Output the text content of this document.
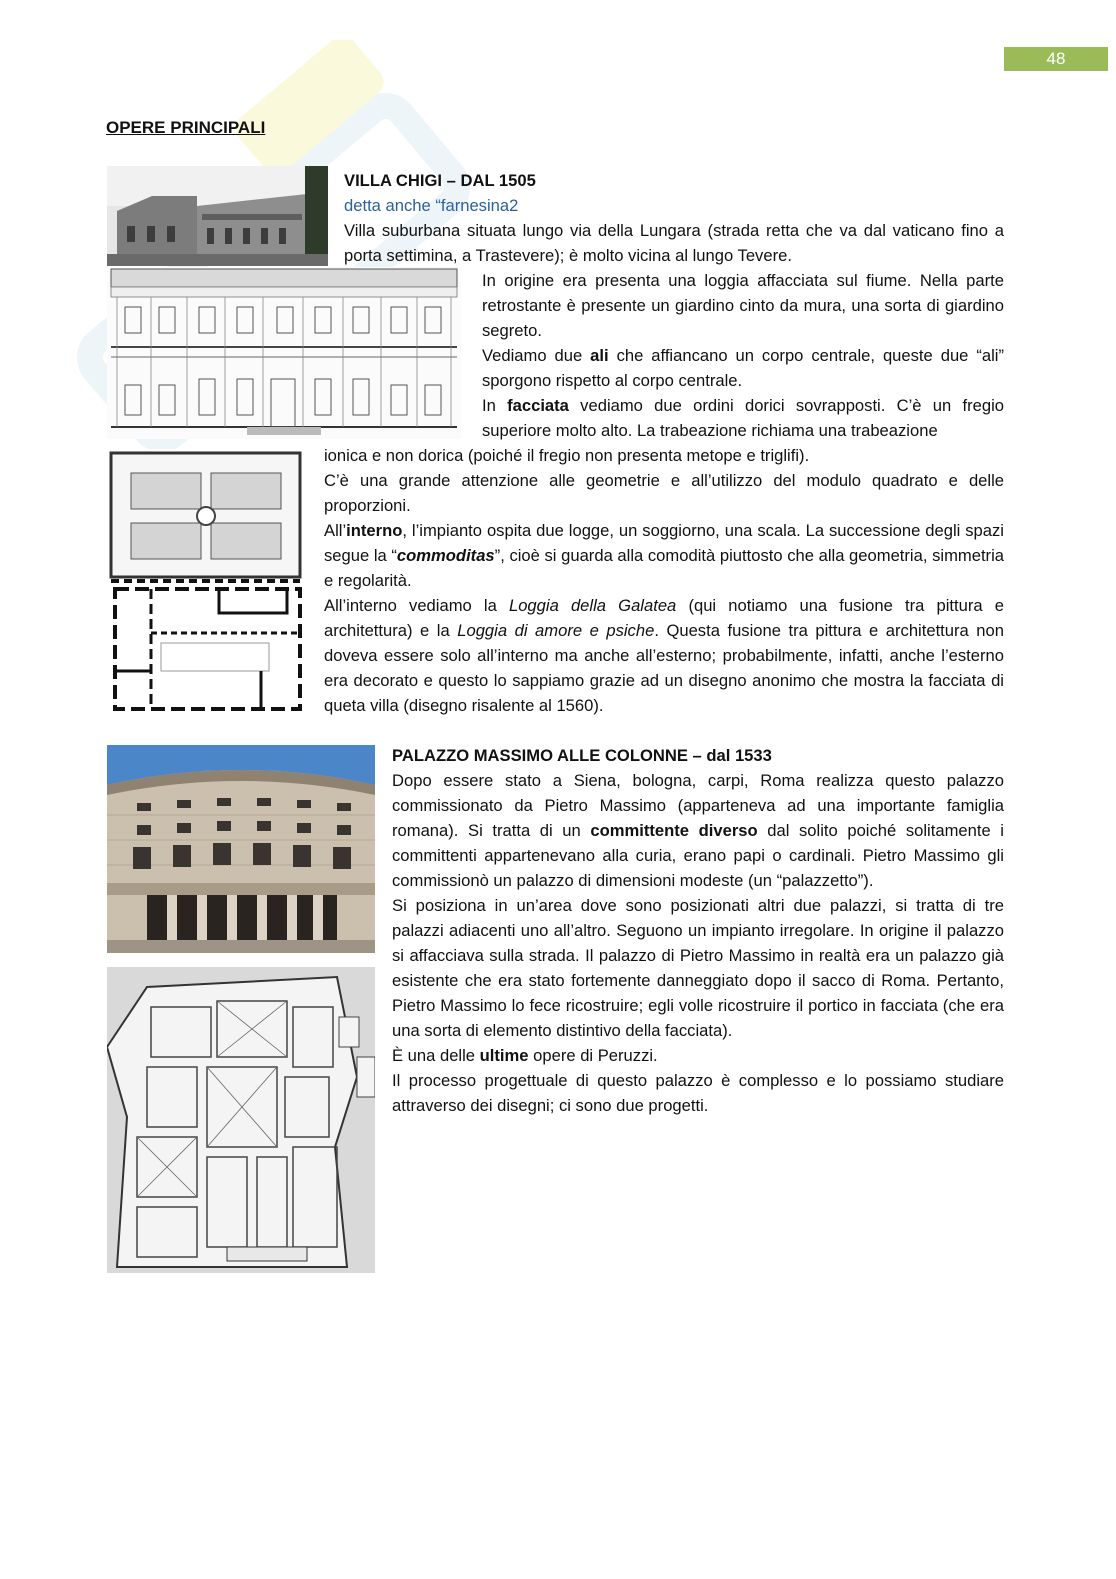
48
OPERE PRINCIPALI

VILLA CHIGI – DAL 1505

detta anche “farnesina2

Villa suburbana situata lungo via della Lungara (strada retta che va dal vaticano fino a porta settimina, a Trastevere); è molto vicina al lungo Tevere.

In origine era presenta una loggia affacciata sul fiume. Nella parte retrostante è presente un giardino cinto da mura, una sorta di giardino segreto.

Vediamo due ali che affiancano un corpo centrale, queste due “ali” sporgono rispetto al corpo centrale.

In facciata vediamo due ordini dorici sovrapposti. C’è un fregio superiore molto alto. La trabeazione richiama una trabeazione

ionica e non dorica (poiché il fregio non presenta metope e triglifi).

C’è una grande attenzione alle geometrie e all’utilizzo del modulo quadrato e delle proporzioni.

All’interno, l’impianto ospita due logge, un soggiorno, una scala. La successione degli spazi segue la “commoditas”, cioè si guarda alla comodità piuttosto che alla geometria, simmetria e regolarità.

All’interno vediamo la Loggia della Galatea (qui notiamo una fusione tra pittura e architettura) e la Loggia di amore e psiche. Questa fusione tra pittura e architettura non doveva essere solo all’interno ma anche all’esterno; probabilmente, infatti, anche l’esterno era decorato e questo lo sappiamo grazie ad un disegno anonimo che mostra la facciata di queta villa (disegno risalente al 1560).

PALAZZO MASSIMO ALLE COLONNE – dal 1533

Dopo essere stato a Siena, bologna, carpi, Roma realizza questo palazzo commissionato da Pietro Massimo (apparteneva ad una importante famiglia romana). Si tratta di un committente diverso dal solito poiché solitamente i committenti appartenevano alla curia, erano papi o cardinali. Pietro Massimo gli commissionò un palazzo di dimensioni modeste (un “palazzetto”).

Si posiziona in un’area dove sono posizionati altri due palazzi, si tratta di tre palazzi adiacenti uno all’altro. Seguono un impianto irregolare. In origine il palazzo si affacciava sulla strada. Il palazzo di Pietro Massimo in realtà era un palazzo già esistente che era stato fortemente danneggiato dopo il sacco di Roma. Pertanto, Pietro Massimo lo fece ricostruire; egli volle ricostruire il portico in facciata (che era una sorta di elemento distintivo della facciata).

È una delle ultime opere di Peruzzi.

Il processo progettuale di questo palazzo è complesso e lo possiamo studiare attraverso dei disegni; ci sono due progetti.
